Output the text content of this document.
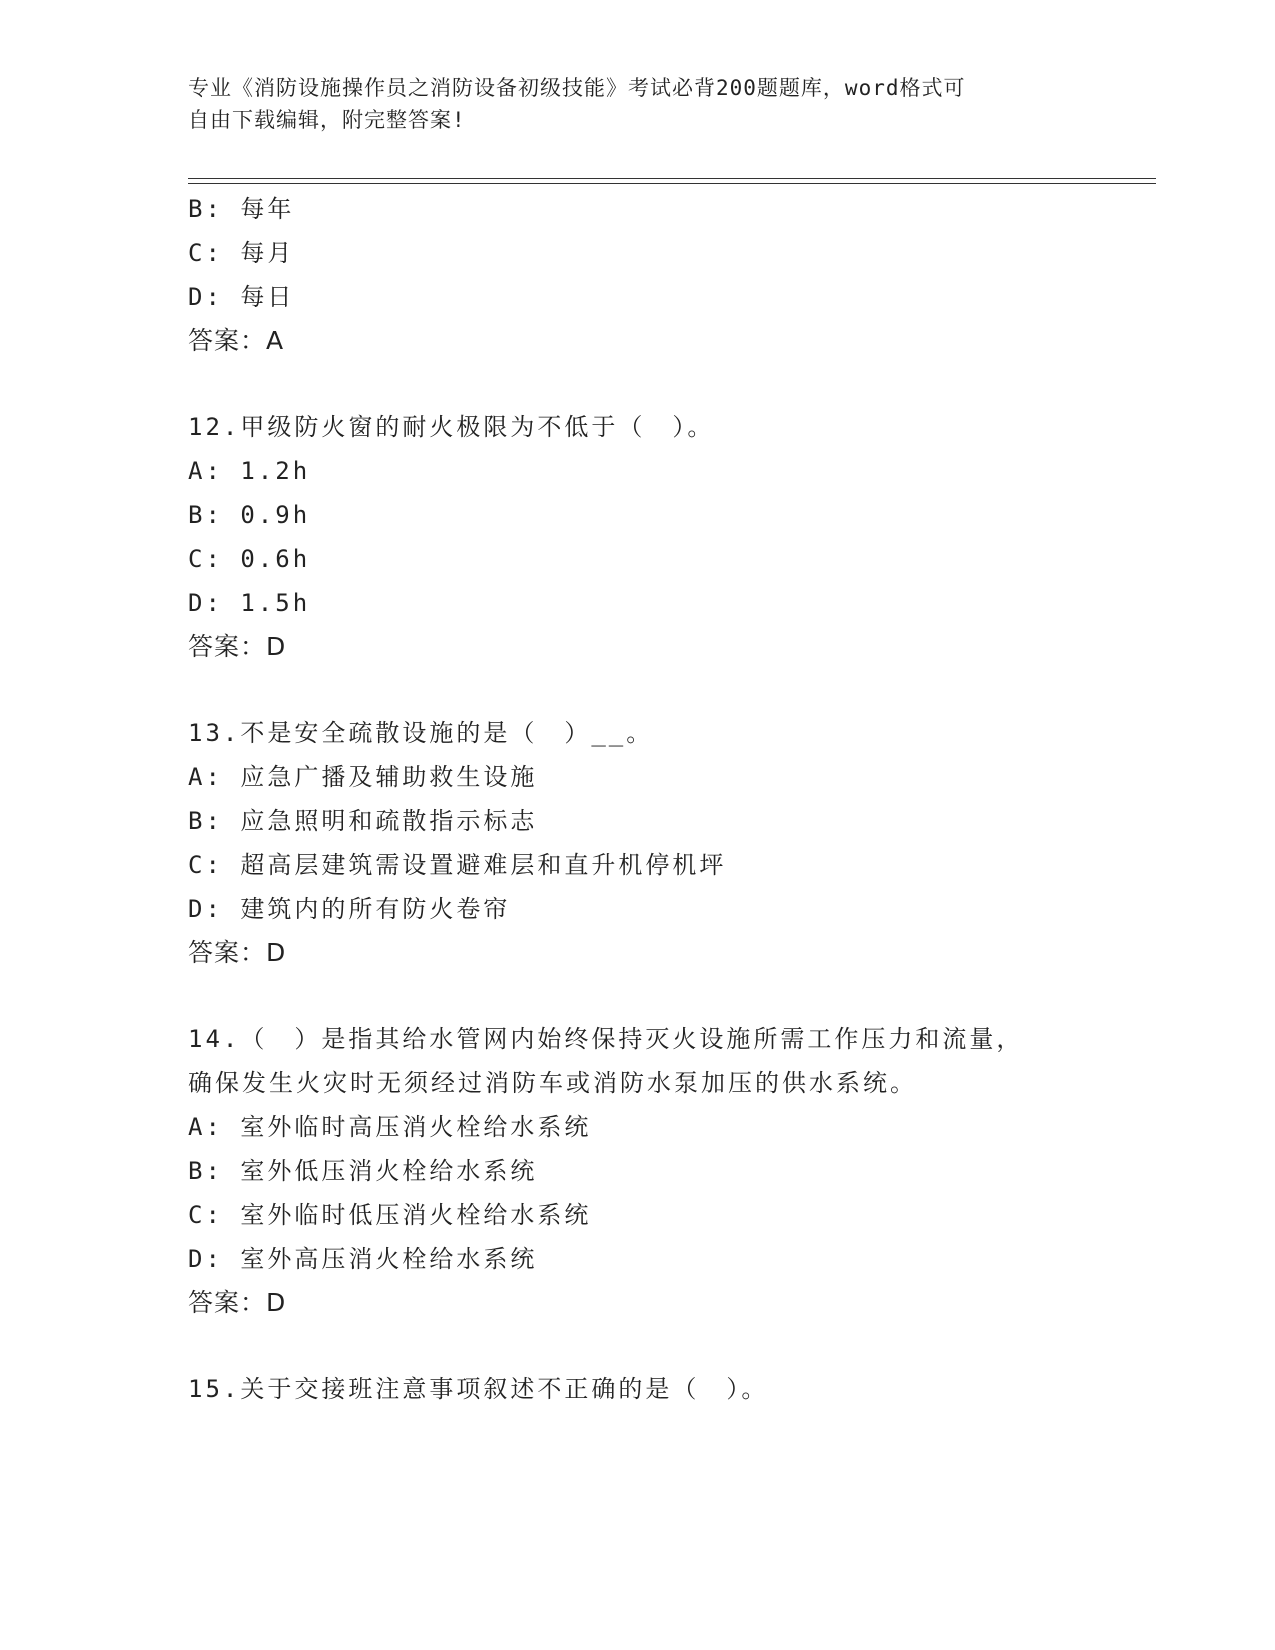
专业《消防设施操作员之消防设备初级技能》考试必背200题题库，word格式可
自由下载编辑，附完整答案!
B: 每年
C: 每月
D: 每日
答案：A
12.甲级防火窗的耐火极限为不低于（　）。
A: 1.2h
B: 0.9h
C: 0.6h
D: 1.5h
答案：D
13.不是安全疏散设施的是（　）__。
A: 应急广播及辅助救生设施
B: 应急照明和疏散指示标志
C: 超高层建筑需设置避难层和直升机停机坪
D: 建筑内的所有防火卷帘
答案：D
14.（　）是指其给水管网内始终保持灭火设施所需工作压力和流量，
确保发生火灾时无须经过消防车或消防水泵加压的供水系统。
A: 室外临时高压消火栓给水系统
B: 室外低压消火栓给水系统
C: 室外临时低压消火栓给水系统
D: 室外高压消火栓给水系统
答案：D
15.关于交接班注意事项叙述不正确的是（　）。
